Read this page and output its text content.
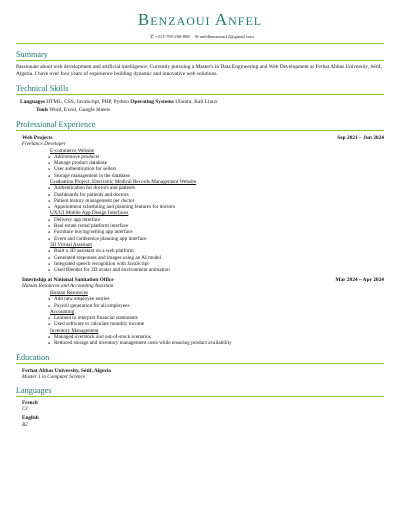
Benzaoui Anfel
✆+213-795-290-888 ✉anfelbenzaoui12@gmail.com
Summary
Passionate about web development and artificial intelligence. Currently pursuing a Master's in Data Engineering and Web Development at Ferhat Abbas University, Sétif, Algeria. I have over four years of experience building dynamic and innovative web solutions.
Technical Skills
Languages HTML, CSS, JavaScript, PHP, Python Operating Systems Ubuntu, Kali Linux
Tools Word, Excel, Google Sheets
Professional Experience
Web Projects	Sep 2021 – Jun 2024
Freelance Developer
E-commerce Website
● Add/remove products
● Manage product database
● User authentication for sellers
● Storage management in the database
Graduation Project: Electronic Medical Records Management Website
● Authentication for doctors and patients
● Dashboards for patients and doctors
● Patient history management per doctor
● Appointment scheduling and planning features for doctors
UX/UI Mobile App Design Interfaces
● Delivery app interface
● Real estate rental platform interface
● Furniture buying/selling app interface
● Event and conference planning app interface
3D Virtual Assistant
● Built a 3D assistant on a web platform
● Generated responses and images using an AI model
● Integrated speech recognition with JavaScript
● Used Blender for 3D avatar and environment animation
Internship at National Sanitation Office	Mar 2024 – Apr 2024
Human Resources and Accounting Assistant
Human Resources
● Add new employee entries
● Payroll generation for all employees
Accounting
● Learned to interpret financial statements
● Used software to calculate monthly income
Inventory Management
● Managed overstock and out-of-stock scenarios
● Reduced storage and inventory management costs while ensuring product availability
Education
Ferhat Abbas University, Sétif, Algeria
Master 1 in Computer Science
Languages
French
C1
English
B2
